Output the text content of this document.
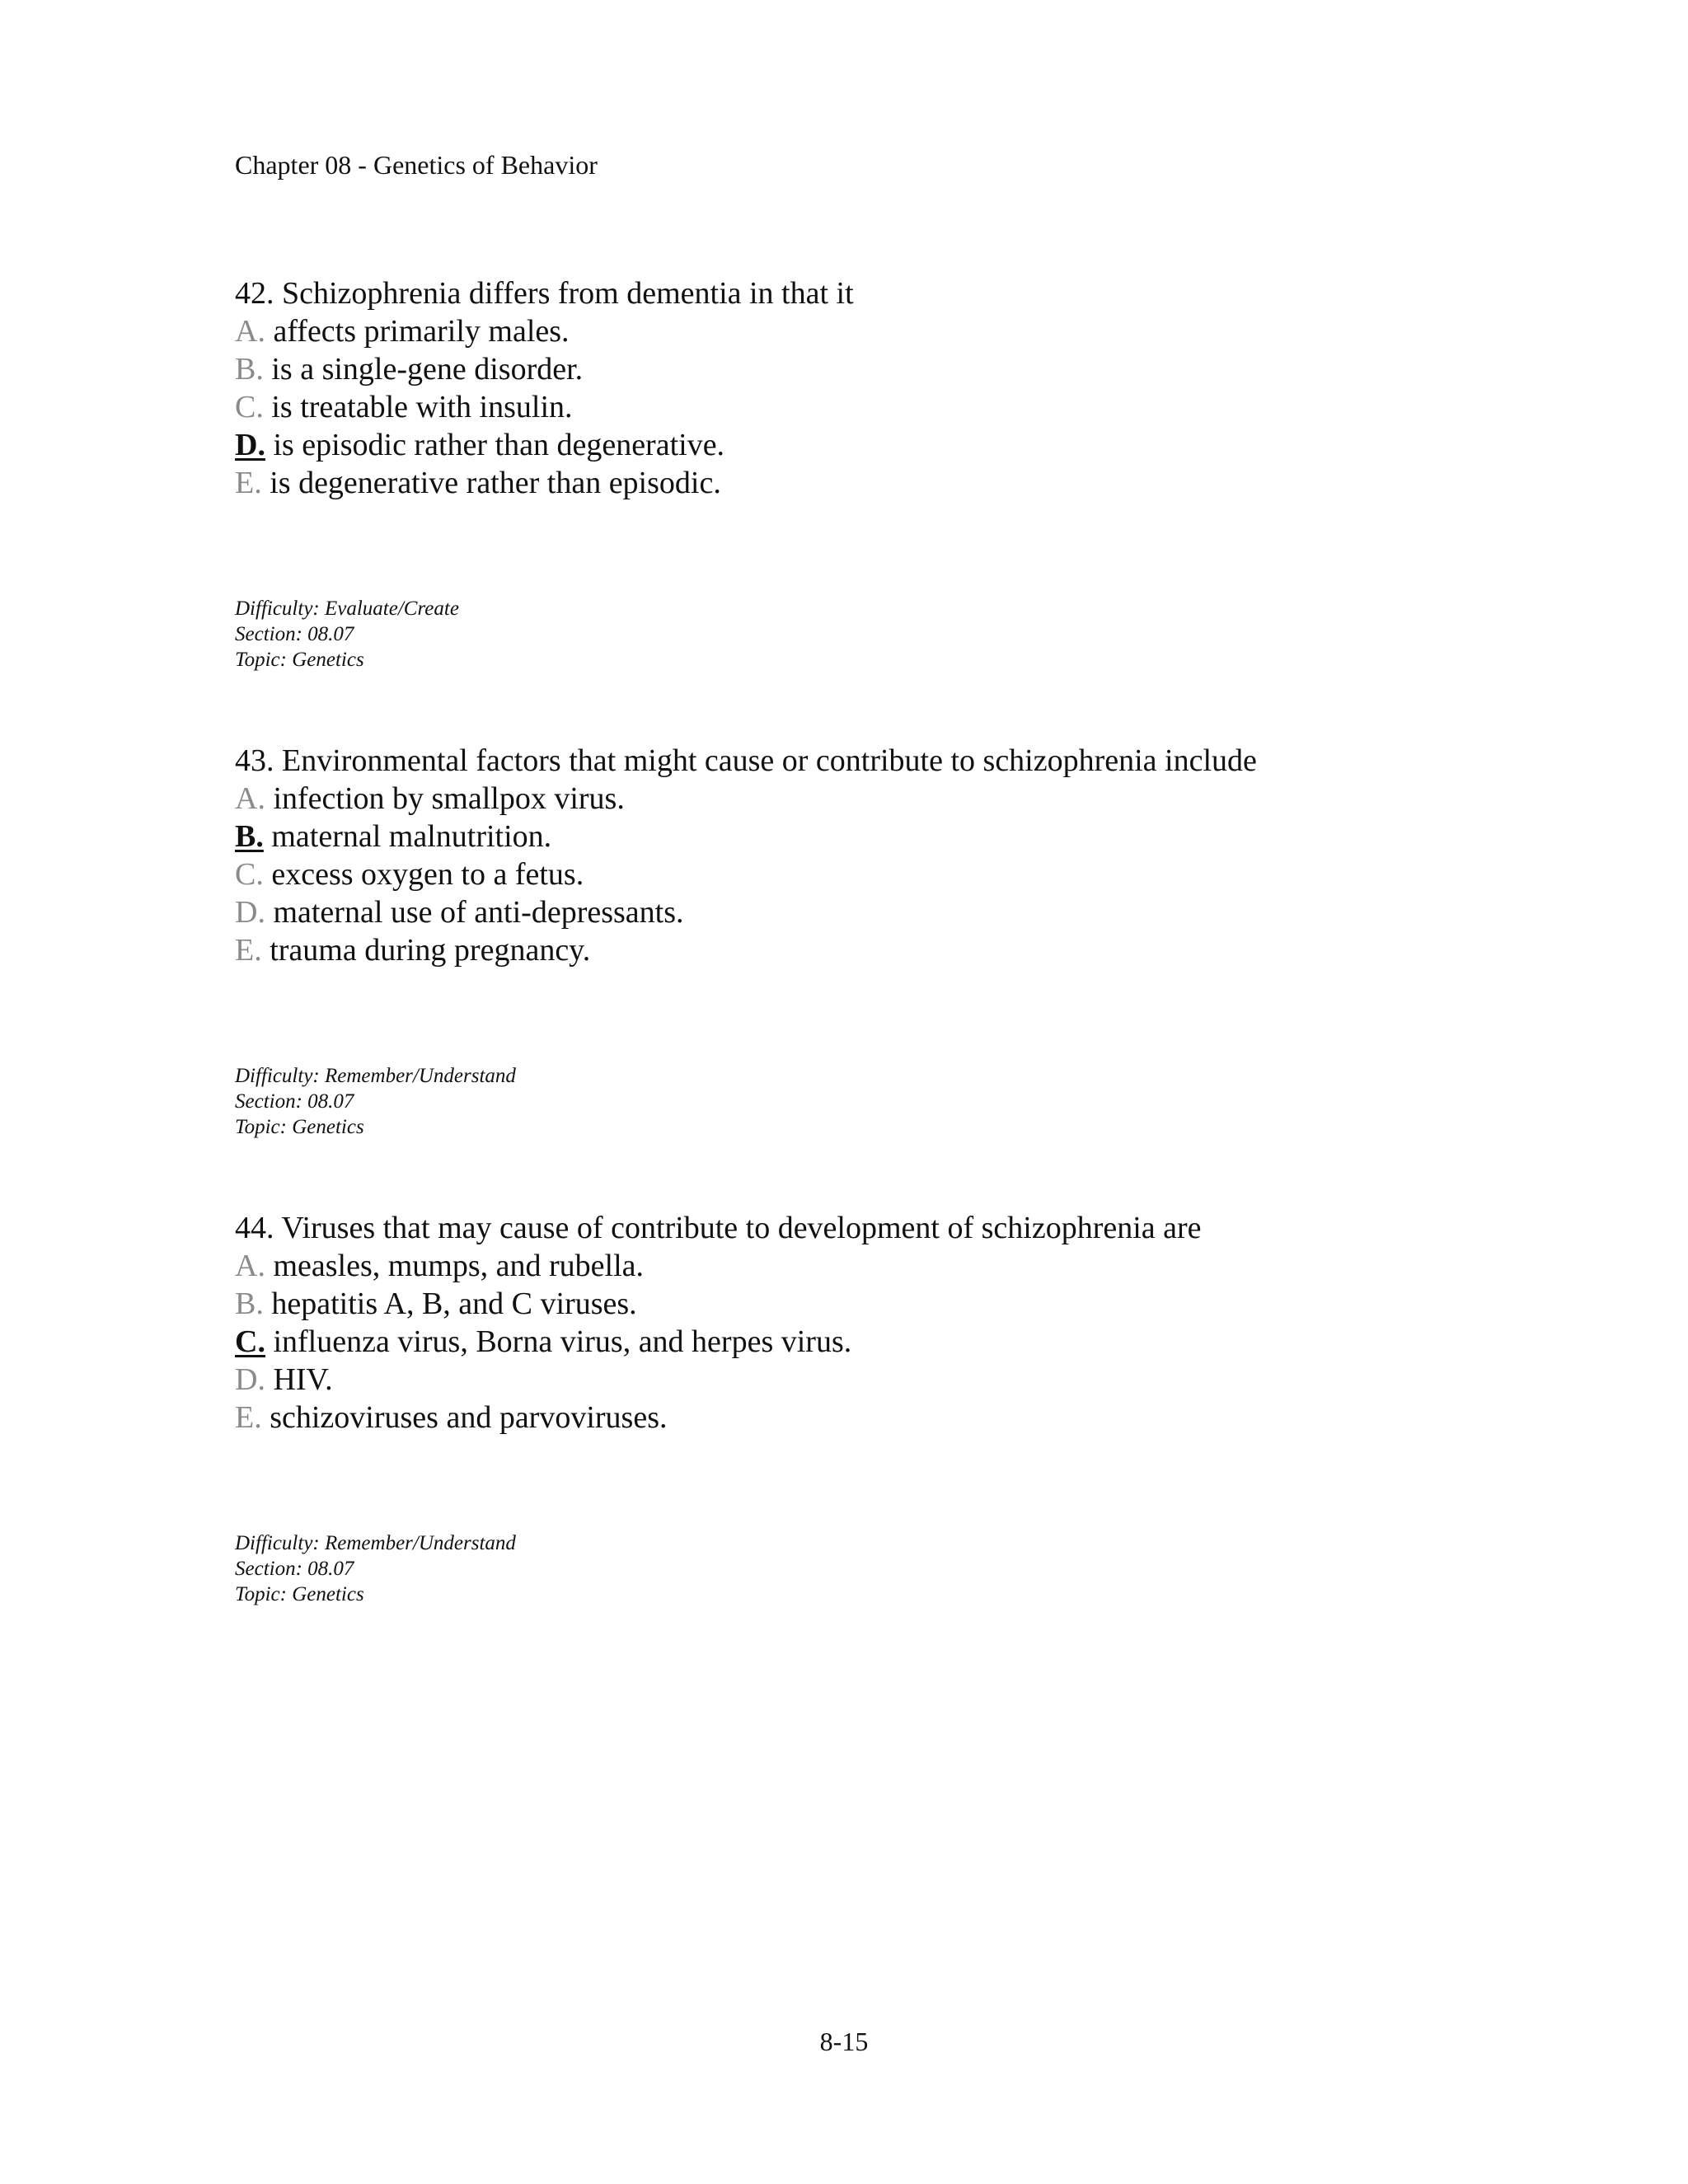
Chapter 08 - Genetics of Behavior
42. Schizophrenia differs from dementia in that it
A. affects primarily males.
B. is a single-gene disorder.
C. is treatable with insulin.
D. is episodic rather than degenerative.
E. is degenerative rather than episodic.
Difficulty: Evaluate/Create
Section: 08.07
Topic: Genetics
43. Environmental factors that might cause or contribute to schizophrenia include
A. infection by smallpox virus.
B. maternal malnutrition.
C. excess oxygen to a fetus.
D. maternal use of anti-depressants.
E. trauma during pregnancy.
Difficulty: Remember/Understand
Section: 08.07
Topic: Genetics
44. Viruses that may cause of contribute to development of schizophrenia are
A. measles, mumps, and rubella.
B. hepatitis A, B, and C viruses.
C. influenza virus, Borna virus, and herpes virus.
D. HIV.
E. schizoviruses and parvoviruses.
Difficulty: Remember/Understand
Section: 08.07
Topic: Genetics
8-15
